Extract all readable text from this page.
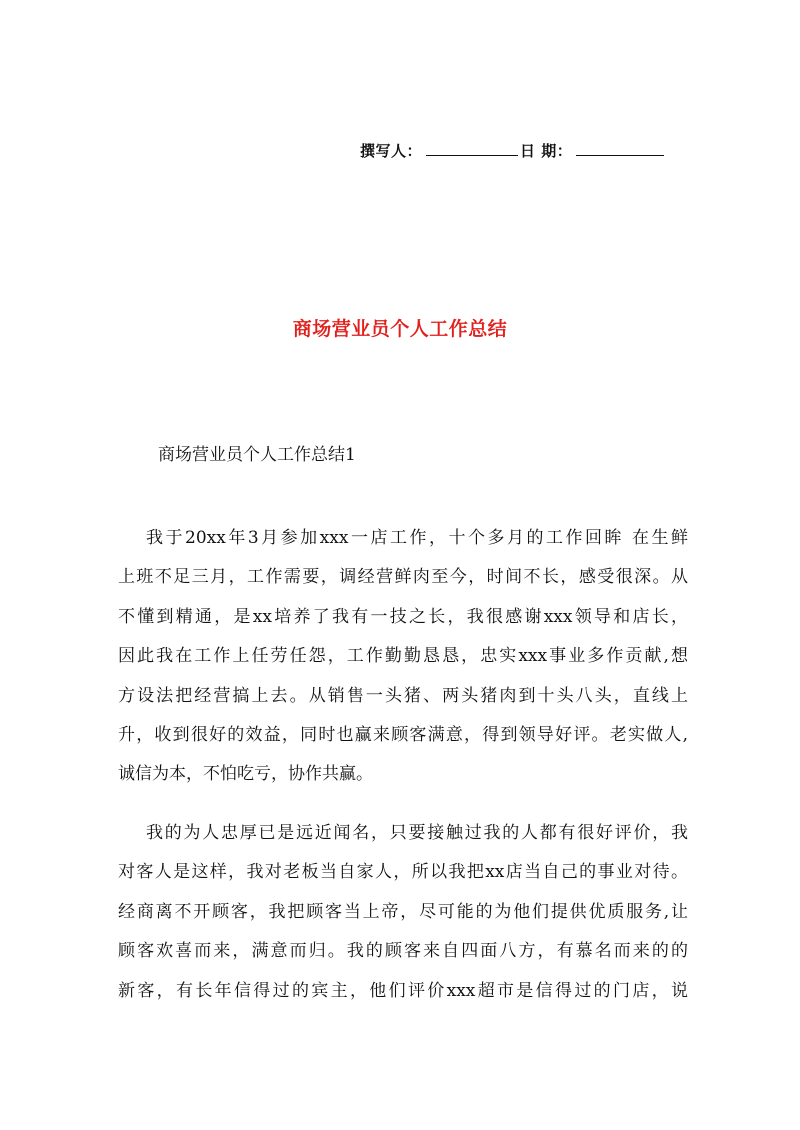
撰写人：	日 期：
商场营业员个人工作总结
商场营业员个人工作总结1

我于20xx年3月参加xxx一店工作，十个多月的工作回眸 在生鲜
上班不足三月，工作需要，调经营鲜肉至今，时间不长，感受很深。从
不懂到精通，是xx培养了我有一技之长，我很感谢xxx领导和店长，
因此我在工作上任劳任怨，工作勤勤恳恳，忠实xxx事业多作贡献,想
方设法把经营搞上去。从销售一头猪、两头猪肉到十头八头，直线上
升，收到很好的效益，同时也赢来顾客满意，得到领导好评。老实做人,
诚信为本，不怕吃亏，协作共赢。

我的为人忠厚已是远近闻名，只要接触过我的人都有很好评价，我
对客人是这样，我对老板当自家人，所以我把xx店当自己的事业对待。
经商离不开顾客，我把顾客当上帝，尽可能的为他们提供优质服务,让
顾客欢喜而来，满意而归。我的顾客来自四面八方，有慕名而来的的
新客，有长年信得过的宾主，他们评价xxx超市是信得过的门店，说
